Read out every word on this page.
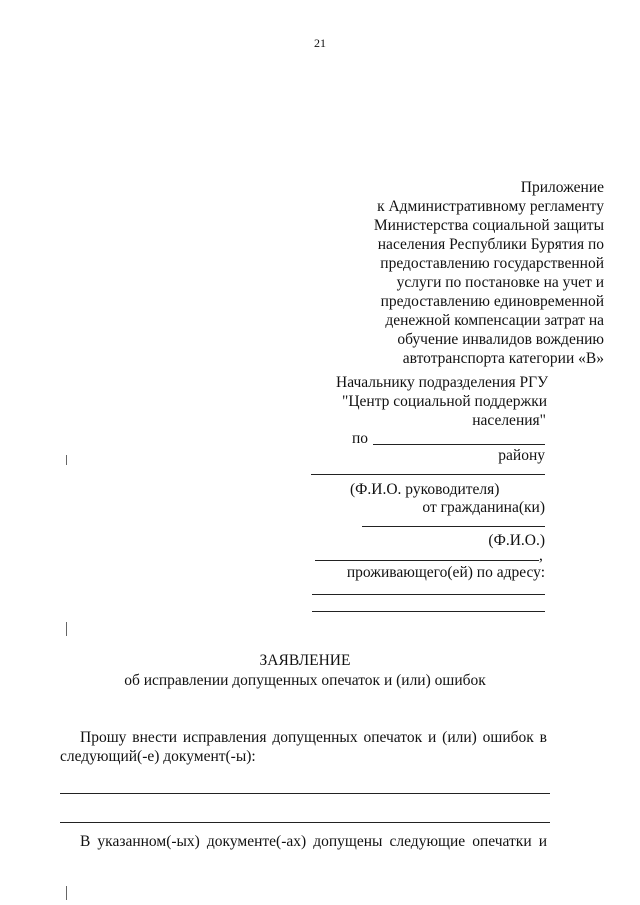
21
Приложение
к Административному регламенту
Министерства социальной защиты
населения Республики Бурятия по
предоставлению государственной
услуги по постановке на учет и
предоставлению единовременной
денежной компенсации затрат на
обучение инвалидов вождению
автотранспорта категории «В»
Начальнику подразделения РГУ
"Центр социальной поддержки
населения"
по
району
(Ф.И.О. руководителя)
от гражданина(ки)
(Ф.И.О.)
,
проживающего(ей) по адресу:
ЗАЯВЛЕНИЕ
об исправлении допущенных опечаток и (или) ошибок
Прошу внести исправления допущенных опечаток и (или) ошибок в
следующий(-е) документ(-ы):
В указанном(-ых) документе(-ах) допущены следующие опечатки и
